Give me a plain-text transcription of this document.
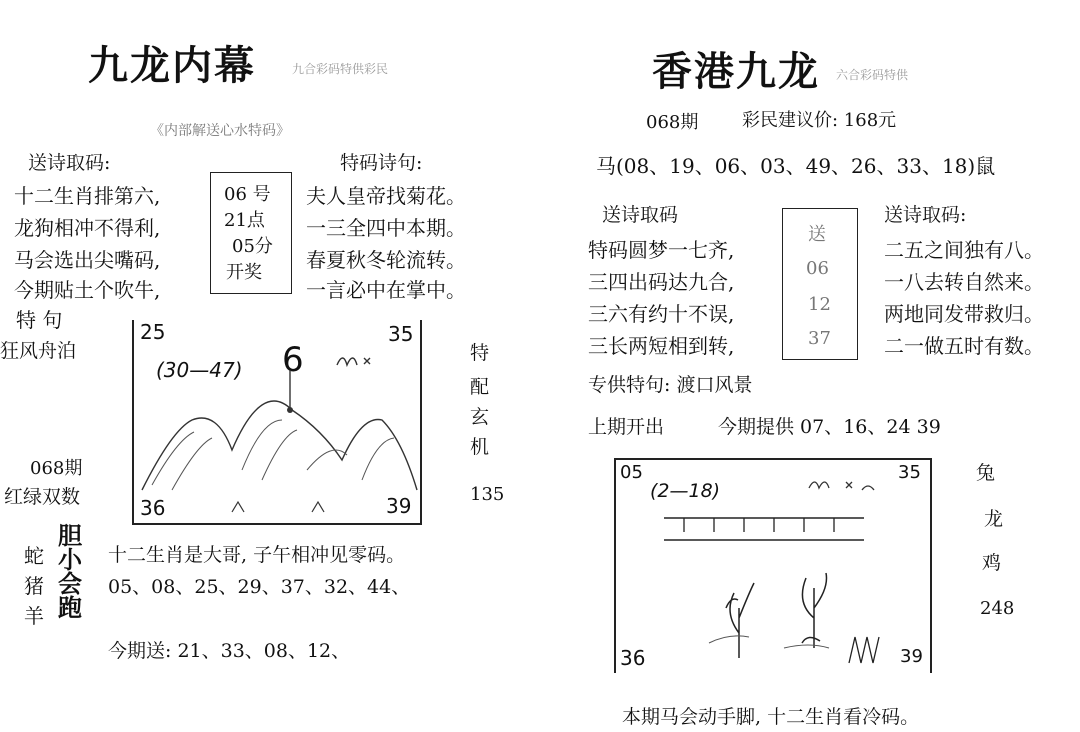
九龙内幕	九合彩码特供彩民
《内部解送心水特码》
送诗取码:	特码诗句:
十二生肖排第六,
龙狗相冲不得利,
马会选出尖嘴码,
今期贴土个吹牛,
06 号
21点
05分
开奖
夫人皇帝找菊花。
一三全四中本期。
春夏秋冬轮流转。
一言必中在掌中。
特 句
狂风舟泊
068期
红绿双数
25	35
36	39
(30—47) 6	特
配
玄
机
135
蛇
猪
羊
胆
小
会
跑
十二生肖是大哥, 子午相冲见零码。
05、08、25、29、37、32、44、
今期送: 21、33、08、12、
香港九龙 六合彩码特供
068期 彩民建议价: 168元
马(08、19、06、03、49、26、33、18)鼠
送诗取码	送诗取码:
特码圆梦一七齐,
三四出码达九合,
三六有约十不误,
三长两短相到转,
送
06
12
37
二五之间独有八。
一八去转自然来。
两地同发带救归。
二一做五时有数。
专供特句: 渡口风景
上期开出	今期提供 07、16、24 39
05	35
36	39
(2—18)
兔
龙
鸡
248
本期马会动手脚, 十二生肖看冷码。
